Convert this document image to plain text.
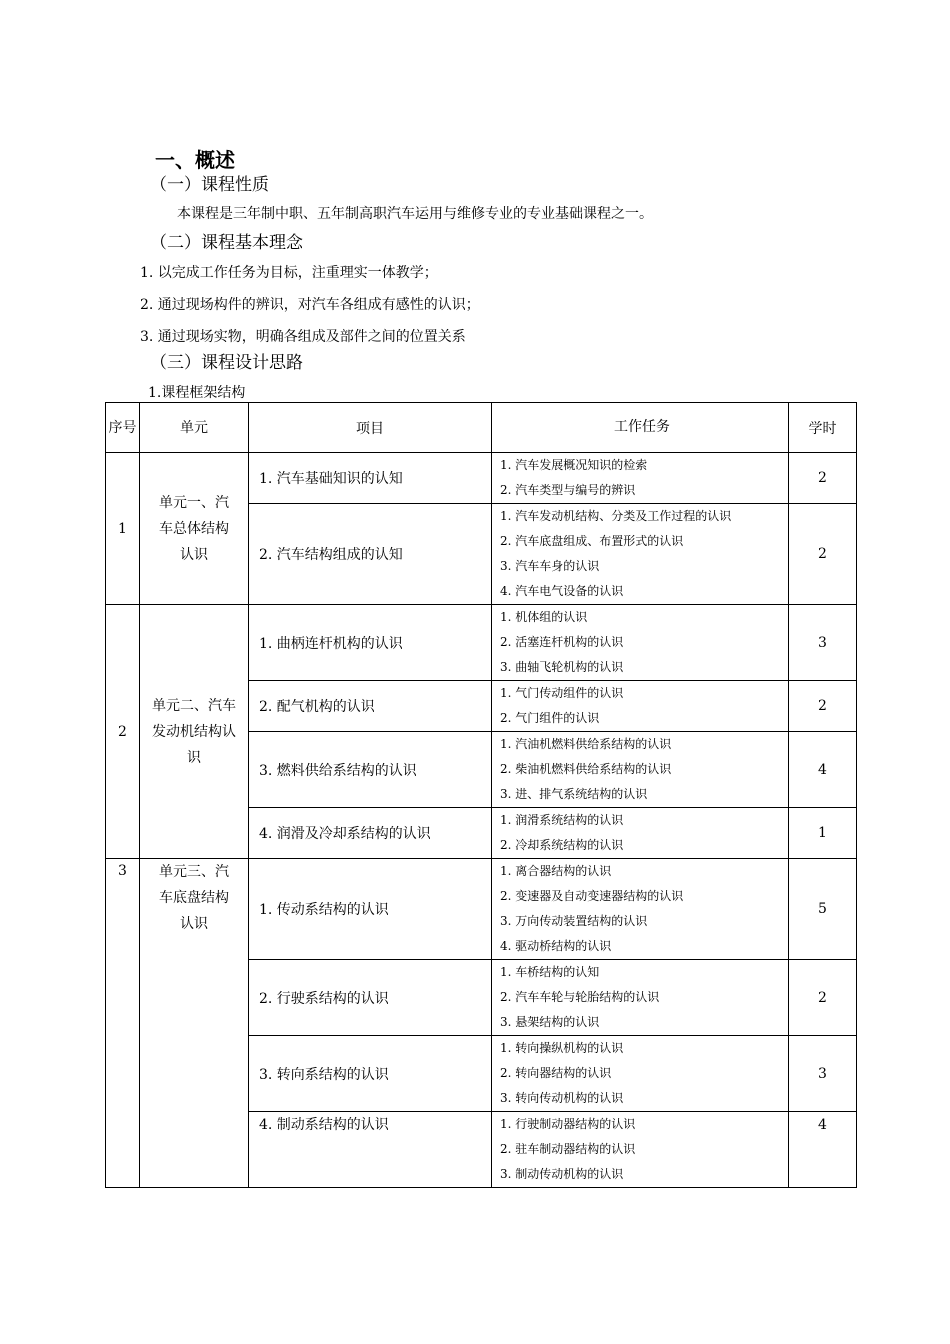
一、概述
（一）课程性质
本课程是三年制中职、五年制高职汽车运用与维修专业的专业基础课程之一。
（二）课程基本理念
1. 以完成工作任务为目标，注重理实一体教学；
2. 通过现场构件的辨识，对汽车各组成有感性的认识；
3. 通过现场实物，明确各组成及部件之间的位置关系
（三）课程设计思路
1.课程框架结构
序号	单元	项目	工作任务	学时
1	单元一、汽车总体结构认识	1. 汽车基础知识的认知	1. 汽车发展概况知识的检索
2. 汽车类型与编号的辨识	2
		2. 汽车结构组成的认知	1. 汽车发动机结构、分类及工作过程的认识
2. 汽车底盘组成、布置形式的认识
3. 汽车车身的认识
4. 汽车电气设备的认识	2
2	单元二、汽车发动机结构认识	1. 曲柄连杆机构的认识	1. 机体组的认识
2. 活塞连杆机构的认识
3. 曲轴飞轮机构的认识	3
		2. 配气机构的认识	1. 气门传动组件的认识
2. 气门组件的认识	2
		3. 燃料供给系结构的认识	1. 汽油机燃料供给系结构的认识
2. 柴油机燃料供给系结构的认识
3. 进、排气系统结构的认识	4
		4. 润滑及冷却系结构的认识	1. 润滑系统结构的认识
2. 冷却系统结构的认识	1
3	单元三、汽车底盘结构认识	1. 传动系结构的认识	1. 离合器结构的认识
2. 变速器及自动变速器结构的认识
3. 万向传动装置结构的认识
4. 驱动桥结构的认识	5
		2. 行驶系结构的认识	1. 车桥结构的认知
2. 汽车车轮与轮胎结构的认识
3. 悬架结构的认识	2
		3. 转向系结构的认识	1. 转向操纵机构的认识
2. 转向器结构的认识
3. 转向传动机构的认识	3
		4. 制动系结构的认识	1. 行驶制动器结构的认识
2. 驻车制动器结构的认识
3. 制动传动机构的认识	4
